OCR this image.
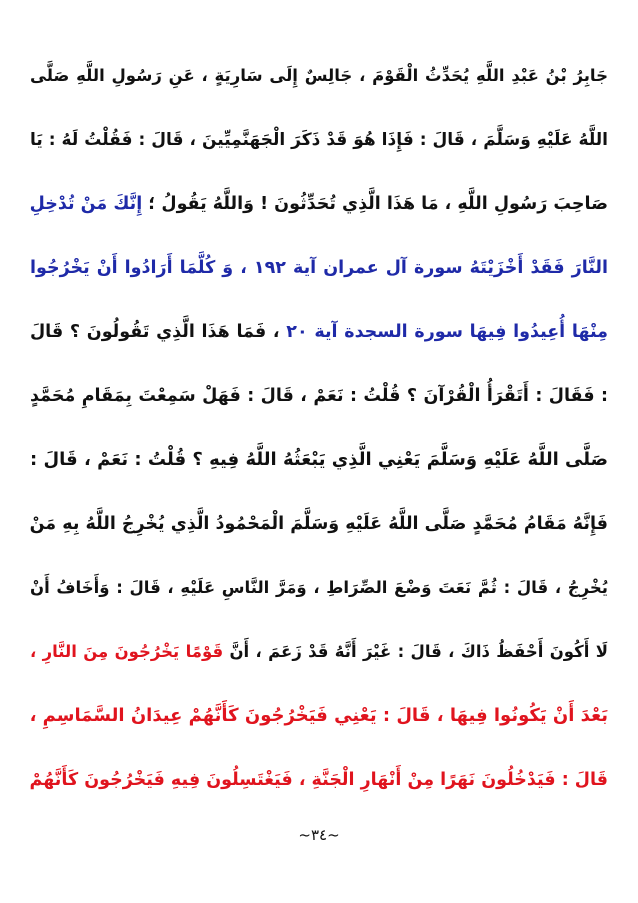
جَابِرُ بْنُ عَبْدِ اللَّهِ يُحَدِّثُ الْقَوْمَ ، جَالِسٌ إِلَى سَارِيَةٍ ، عَنِ رَسُولِ اللَّهِ صَلَّى
اللَّهُ عَلَيْهِ وَسَلَّمَ ، قَالَ : فَإِذَا هُوَ قَدْ ذَكَرَ الْجَهَنَّمِيِّينَ ، قَالَ : فَقُلْتُ لَهُ : يَا
صَاحِبَ رَسُولِ اللَّهِ ، مَا هَذَا الَّذِي تُحَدِّثُونَ ! وَاللَّهُ يَقُولُ ؛ إِنَّكَ مَنْ تُدْخِلِ
النَّارَ فَقَدْ أَخْزَيْتَهُ سورة آل عمران آية ١٩٢ ، وَ كُلَّمَا أَرَادُوا أَنْ يَخْرُجُوا
مِنْهَا أُعِيدُوا فِيهَا سورة السجدة آية ٢٠ ، فَمَا هَذَا الَّذِي تَقُولُونَ ؟ قَالَ
: فَقَالَ : أَتَقْرَأُ الْقُرْآنَ ؟ قُلْتُ : نَعَمْ ، قَالَ : فَهَلْ سَمِعْتَ بِمَقَامِ مُحَمَّدٍ
صَلَّى اللَّهُ عَلَيْهِ وَسَلَّمَ يَعْنِي الَّذِي يَبْعَثُهُ اللَّهُ فِيهِ ؟ قُلْتُ : نَعَمْ ، قَالَ :
فَإِنَّهُ مَقَامُ مُحَمَّدٍ صَلَّى اللَّهُ عَلَيْهِ وَسَلَّمَ الْمَحْمُودُ الَّذِي يُخْرِجُ اللَّهُ بِهِ مَنْ
يُخْرِجُ ، قَالَ : ثُمَّ نَعَتَ وَضْعَ الصِّرَاطِ ، وَمَرَّ النَّاسِ عَلَيْهِ ، قَالَ : وَأَخَافُ أَنْ
لَا أَكُونَ أَحْفَظُ ذَاكَ ، قَالَ : غَيْرَ أَنَّهُ قَدْ زَعَمَ ، أَنَّ قَوْمًا يَخْرُجُونَ مِنَ النَّارِ ،
بَعْدَ أَنْ يَكُونُوا فِيهَا ، قَالَ : يَعْنِي فَيَخْرُجُونَ كَأَنَّهُمْ عِيدَانُ السَّمَاسِمِ ،
قَالَ : فَيَدْخُلُونَ نَهَرًا مِنْ أَنْهَارِ الْجَنَّةِ ، فَيَغْتَسِلُونَ فِيهِ فَيَخْرُجُونَ كَأَنَّهُمْ
~٣٤~
